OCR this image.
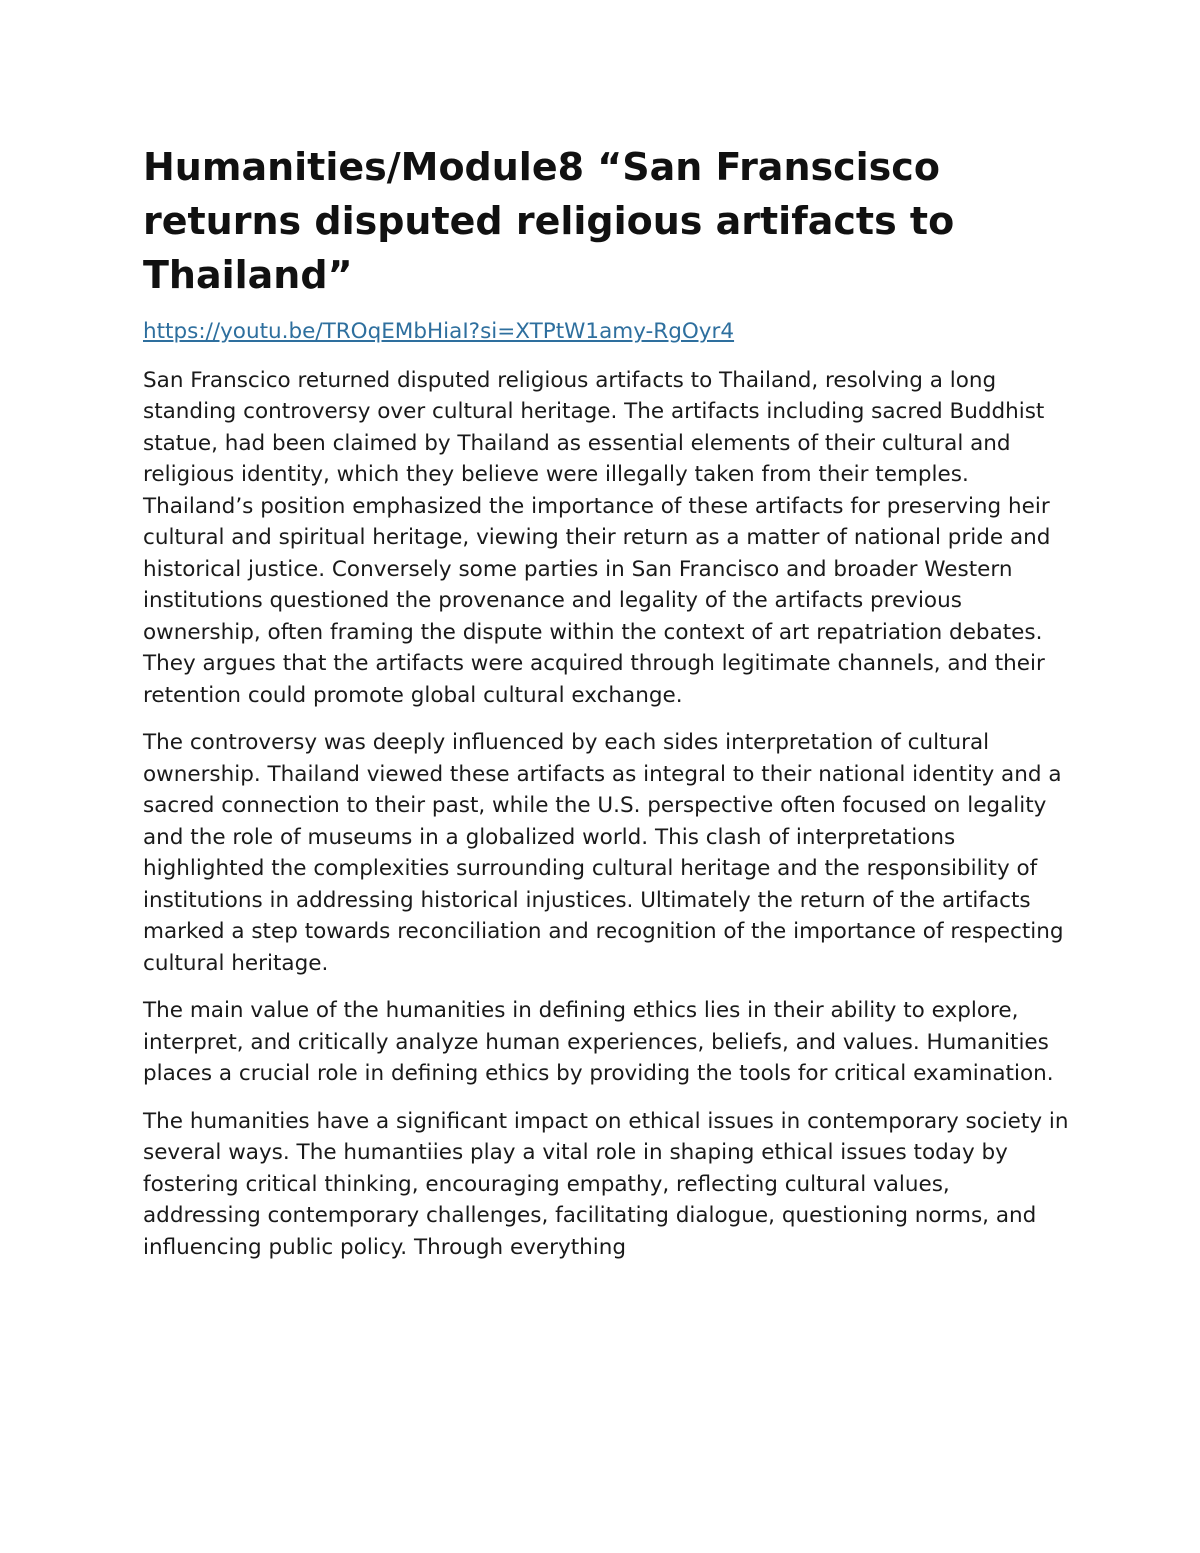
Humanities/Module8 “San Franscisco returns disputed religious artifacts to Thailand”
https://youtu.be/TROqEMbHiaI?si=XTPtW1amy-RgOyr4

San Franscico returned disputed religious artifacts to Thailand, resolving a long standing controversy over cultural heritage. The artifacts including sacred Buddhist statue, had been claimed by Thailand as essential elements of their cultural and religious identity, which they believe were illegally taken from their temples. Thailand’s position emphasized the importance of these artifacts for preserving heir cultural and spiritual heritage, viewing their return as a matter of national pride and historical justice. Conversely some parties in San Francisco and broader Western institutions questioned the provenance and legality of the artifacts previous ownership, often framing the dispute within the context of art repatriation debates. They argues that the artifacts were acquired through legitimate channels, and their retention could promote global cultural exchange.

The controversy was deeply influenced by each sides interpretation of cultural ownership. Thailand viewed these artifacts as integral to their national identity and a sacred connection to their past, while the U.S. perspective often focused on legality and the role of museums in a globalized world. This clash of interpretations highlighted the complexities surrounding cultural heritage and the responsibility of institutions in addressing historical injustices. Ultimately the return of the artifacts marked a step towards reconciliation and recognition of the importance of respecting cultural heritage.

The main value of the humanities in defining ethics lies in their ability to explore, interpret, and critically analyze human experiences, beliefs, and values. Humanities places a crucial role in defining ethics by providing the tools for critical examination.

The humanities have a significant impact on ethical issues in contemporary society in several ways. The humantiies play a vital role in shaping ethical issues today by fostering critical thinking, encouraging empathy, reflecting cultural values, addressing contemporary challenges, facilitating dialogue, questioning norms, and influencing public policy. Through everything
